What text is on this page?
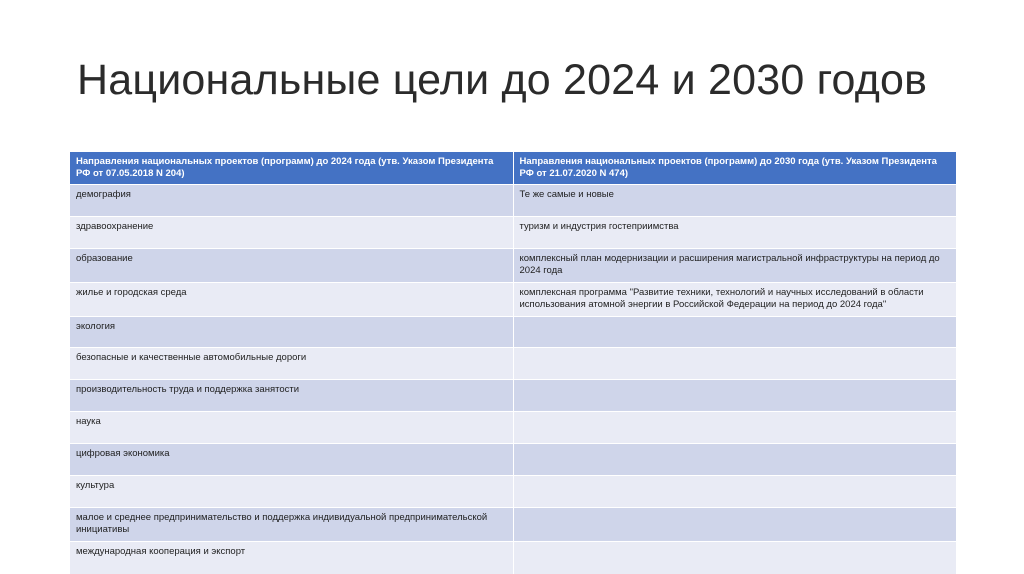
Национальные цели до 2024 и 2030 годов
Направления национальных проектов (программ) до 2024 года (утв. Указом Президента РФ от 07.05.2018 N 204)	Направления национальных проектов (программ) до 2030 года (утв. Указом Президента РФ от 21.07.2020 N 474)
демография	Те же самые и новые
здравоохранение	туризм и индустрия гостеприимства
образование	комплексный план модернизации и расширения магистральной инфраструктуры на период до 2024 года
жилье и городская среда	комплексная программа "Развитие техники, технологий и научных исследований в области использования атомной энергии в Российской Федерации на период до 2024 года"
экология	
безопасные и качественные автомобильные дороги	
производительность труда и поддержка занятости	
наука	
цифровая экономика	
культура	
малое и среднее предпринимательство и поддержка индивидуальной предпринимательской инициативы	
международная кооперация и экспорт	
